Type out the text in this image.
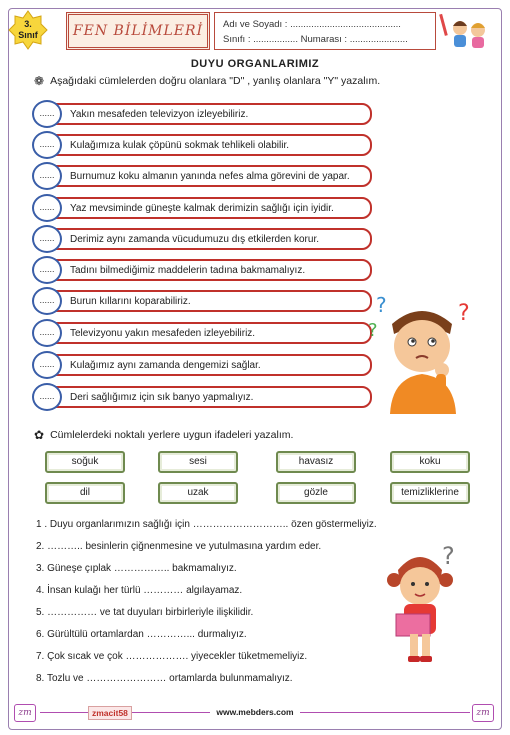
3.
Sınıf	FEN BİLİMLERİ Adı ve Soyadı : ..........................................
Sınıfı : ................. Numarası : ......................
DUYU ORGANLARIMIZ
❁ Aşağıdaki cümlelerden doğru olanlara "D" , yanlış olanlara "Y" yazalım.
......	Yakın mesafeden televizyon izleyebiliriz.
......	Kulağımıza kulak çöpünü sokmak tehlikeli olabilir.
......	Burnumuz koku almanın yanında nefes alma görevini de yapar.
......	Yaz mevsiminde güneşte kalmak derimizin sağlığı için iyidir.
......	Derimiz aynı zamanda vücudumuzu dış etkilerden korur.
......	Tadını bilmediğimiz maddelerin tadına bakmamalıyız.
......	Burun kıllarını koparabiliriz.
......	Televizyonu yakın mesafeden izleyebiliriz.
......	Kulağımız aynı zamanda dengemizi sağlar.
......	Deri sağlığımız için sık banyo yapmalıyız.
?
?
?
✿ Cümlelerdeki noktalı yerlere uygun ifadeleri yazalım.
soğuk	sesi	havasız	koku
dil	uzak	gözle	temizliklerine
1 . Duyu organlarımızın sağlığı için ……………………….. özen göstermeliyiz.
2. ……….. besinlerin çiğnenmesine ve yutulmasına yardım eder.
3. Güneşe çıplak …………….. bakmamalıyız.
4. İnsan kulağı her türlü ………… algılayamaz.
5. …………… ve tat duyuları birbirleriyle ilişkilidir.
6. Gürültülü ortamlardan …………... durmalıyız.
7. Çok sıcak ve çok ………………. yiyecekler tüketmemeliyiz.
8. Tozlu ve …………………… ortamlarda bulunmamalıyız.
?
zm	zmacit58	www.mebders.com	zm
